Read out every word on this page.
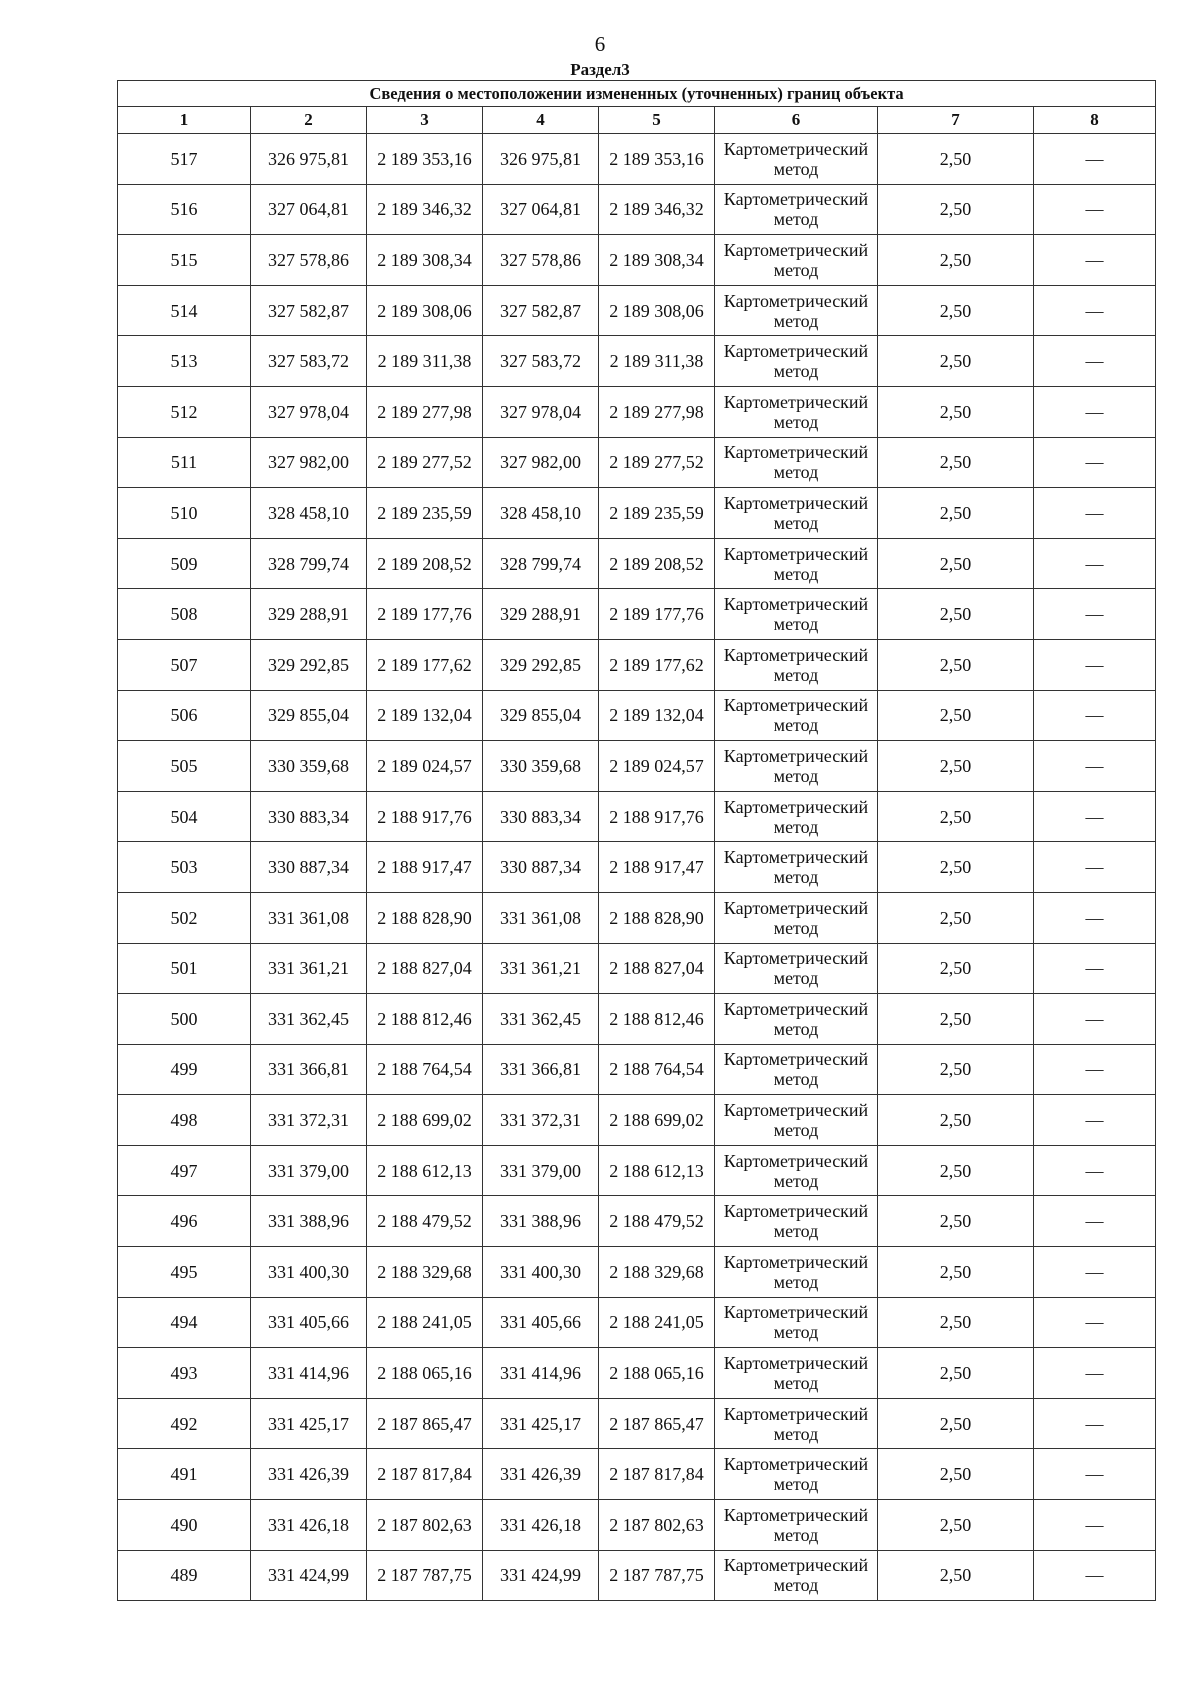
6
Раздел3
Сведения о местоположении измененных (уточненных) границ объекта							
1	2	3	4	5	6	7	8
517	326 975,81	2 189 353,16	326 975,81	2 189 353,16	Картометрический метод	2,50	—
516	327 064,81	2 189 346,32	327 064,81	2 189 346,32	Картометрический метод	2,50	—
515	327 578,86	2 189 308,34	327 578,86	2 189 308,34	Картометрический метод	2,50	—
514	327 582,87	2 189 308,06	327 582,87	2 189 308,06	Картометрический метод	2,50	—
513	327 583,72	2 189 311,38	327 583,72	2 189 311,38	Картометрический метод	2,50	—
512	327 978,04	2 189 277,98	327 978,04	2 189 277,98	Картометрический метод	2,50	—
511	327 982,00	2 189 277,52	327 982,00	2 189 277,52	Картометрический метод	2,50	—
510	328 458,10	2 189 235,59	328 458,10	2 189 235,59	Картометрический метод	2,50	—
509	328 799,74	2 189 208,52	328 799,74	2 189 208,52	Картометрический метод	2,50	—
508	329 288,91	2 189 177,76	329 288,91	2 189 177,76	Картометрический метод	2,50	—
507	329 292,85	2 189 177,62	329 292,85	2 189 177,62	Картометрический метод	2,50	—
506	329 855,04	2 189 132,04	329 855,04	2 189 132,04	Картометрический метод	2,50	—
505	330 359,68	2 189 024,57	330 359,68	2 189 024,57	Картометрический метод	2,50	—
504	330 883,34	2 188 917,76	330 883,34	2 188 917,76	Картометрический метод	2,50	—
503	330 887,34	2 188 917,47	330 887,34	2 188 917,47	Картометрический метод	2,50	—
502	331 361,08	2 188 828,90	331 361,08	2 188 828,90	Картометрический метод	2,50	—
501	331 361,21	2 188 827,04	331 361,21	2 188 827,04	Картометрический метод	2,50	—
500	331 362,45	2 188 812,46	331 362,45	2 188 812,46	Картометрический метод	2,50	—
499	331 366,81	2 188 764,54	331 366,81	2 188 764,54	Картометрический метод	2,50	—
498	331 372,31	2 188 699,02	331 372,31	2 188 699,02	Картометрический метод	2,50	—
497	331 379,00	2 188 612,13	331 379,00	2 188 612,13	Картометрический метод	2,50	—
496	331 388,96	2 188 479,52	331 388,96	2 188 479,52	Картометрический метод	2,50	—
495	331 400,30	2 188 329,68	331 400,30	2 188 329,68	Картометрический метод	2,50	—
494	331 405,66	2 188 241,05	331 405,66	2 188 241,05	Картометрический метод	2,50	—
493	331 414,96	2 188 065,16	331 414,96	2 188 065,16	Картометрический метод	2,50	—
492	331 425,17	2 187 865,47	331 425,17	2 187 865,47	Картометрический метод	2,50	—
491	331 426,39	2 187 817,84	331 426,39	2 187 817,84	Картометрический метод	2,50	—
490	331 426,18	2 187 802,63	331 426,18	2 187 802,63	Картометрический метод	2,50	—
489	331 424,99	2 187 787,75	331 424,99	2 187 787,75	Картометрический метод	2,50	—
